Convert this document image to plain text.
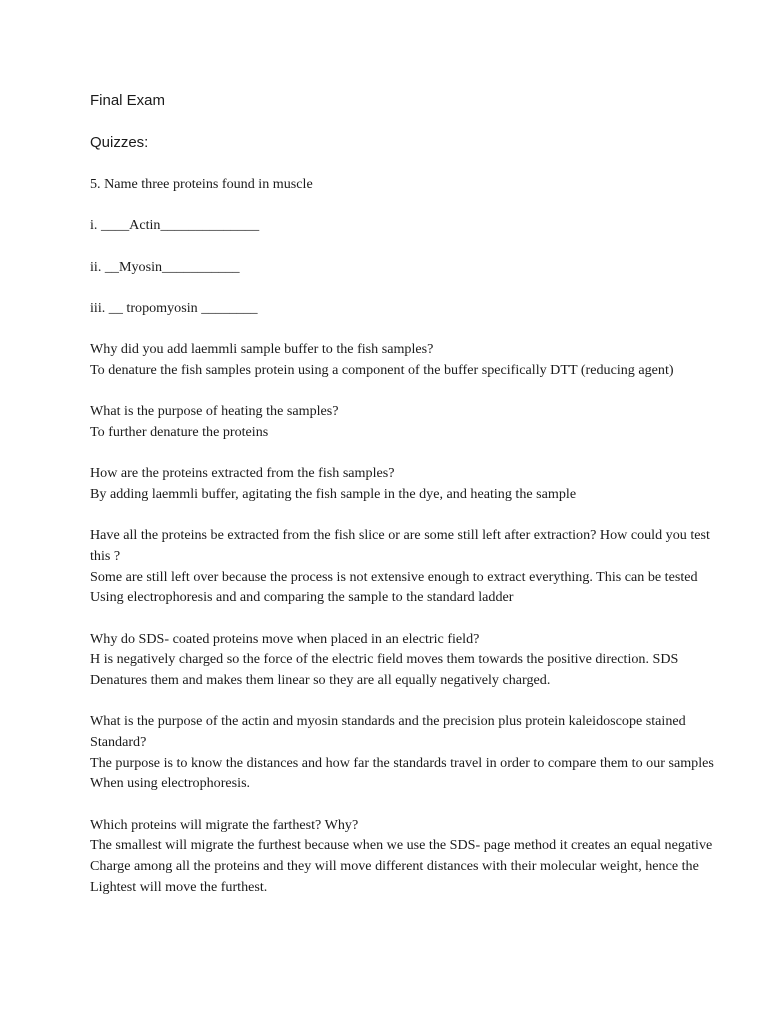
Final Exam

Quizzes:

5. Name three proteins found in muscle

i. ____Actin______________

ii. __Myosin___________

iii. __ tropomyosin ________

Why did you add laemmli sample buffer to the fish samples?

To denature the fish samples protein using a component of the buffer specifically DTT (reducing agent)

What is the purpose of heating the samples?

To further denature the proteins

How are the proteins extracted from the fish samples?

By adding laemmli buffer, agitating the fish sample in the dye, and heating the sample

Have all the proteins be extracted from the fish slice or are some still left after extraction? How could you test

this ?

Some are still left over because the process is not extensive enough to extract everything. This can be tested

Using electrophoresis and and comparing the sample to the standard ladder

Why do SDS- coated proteins move when placed in an electric field?

H is negatively charged so the force of the electric field moves them towards the positive direction. SDS

Denatures them and makes them linear so they are all equally negatively charged.

What is the purpose of the actin and myosin standards and the precision plus protein kaleidoscope stained

Standard?

The purpose is to know the distances and how far the standards travel in order to compare them to our samples

When using electrophoresis.

Which proteins will migrate the farthest? Why?

The smallest will migrate the furthest because when we use the SDS- page method it creates an equal negative

Charge among all the proteins and they will move different distances with their molecular weight, hence the

Lightest will move the furthest.
